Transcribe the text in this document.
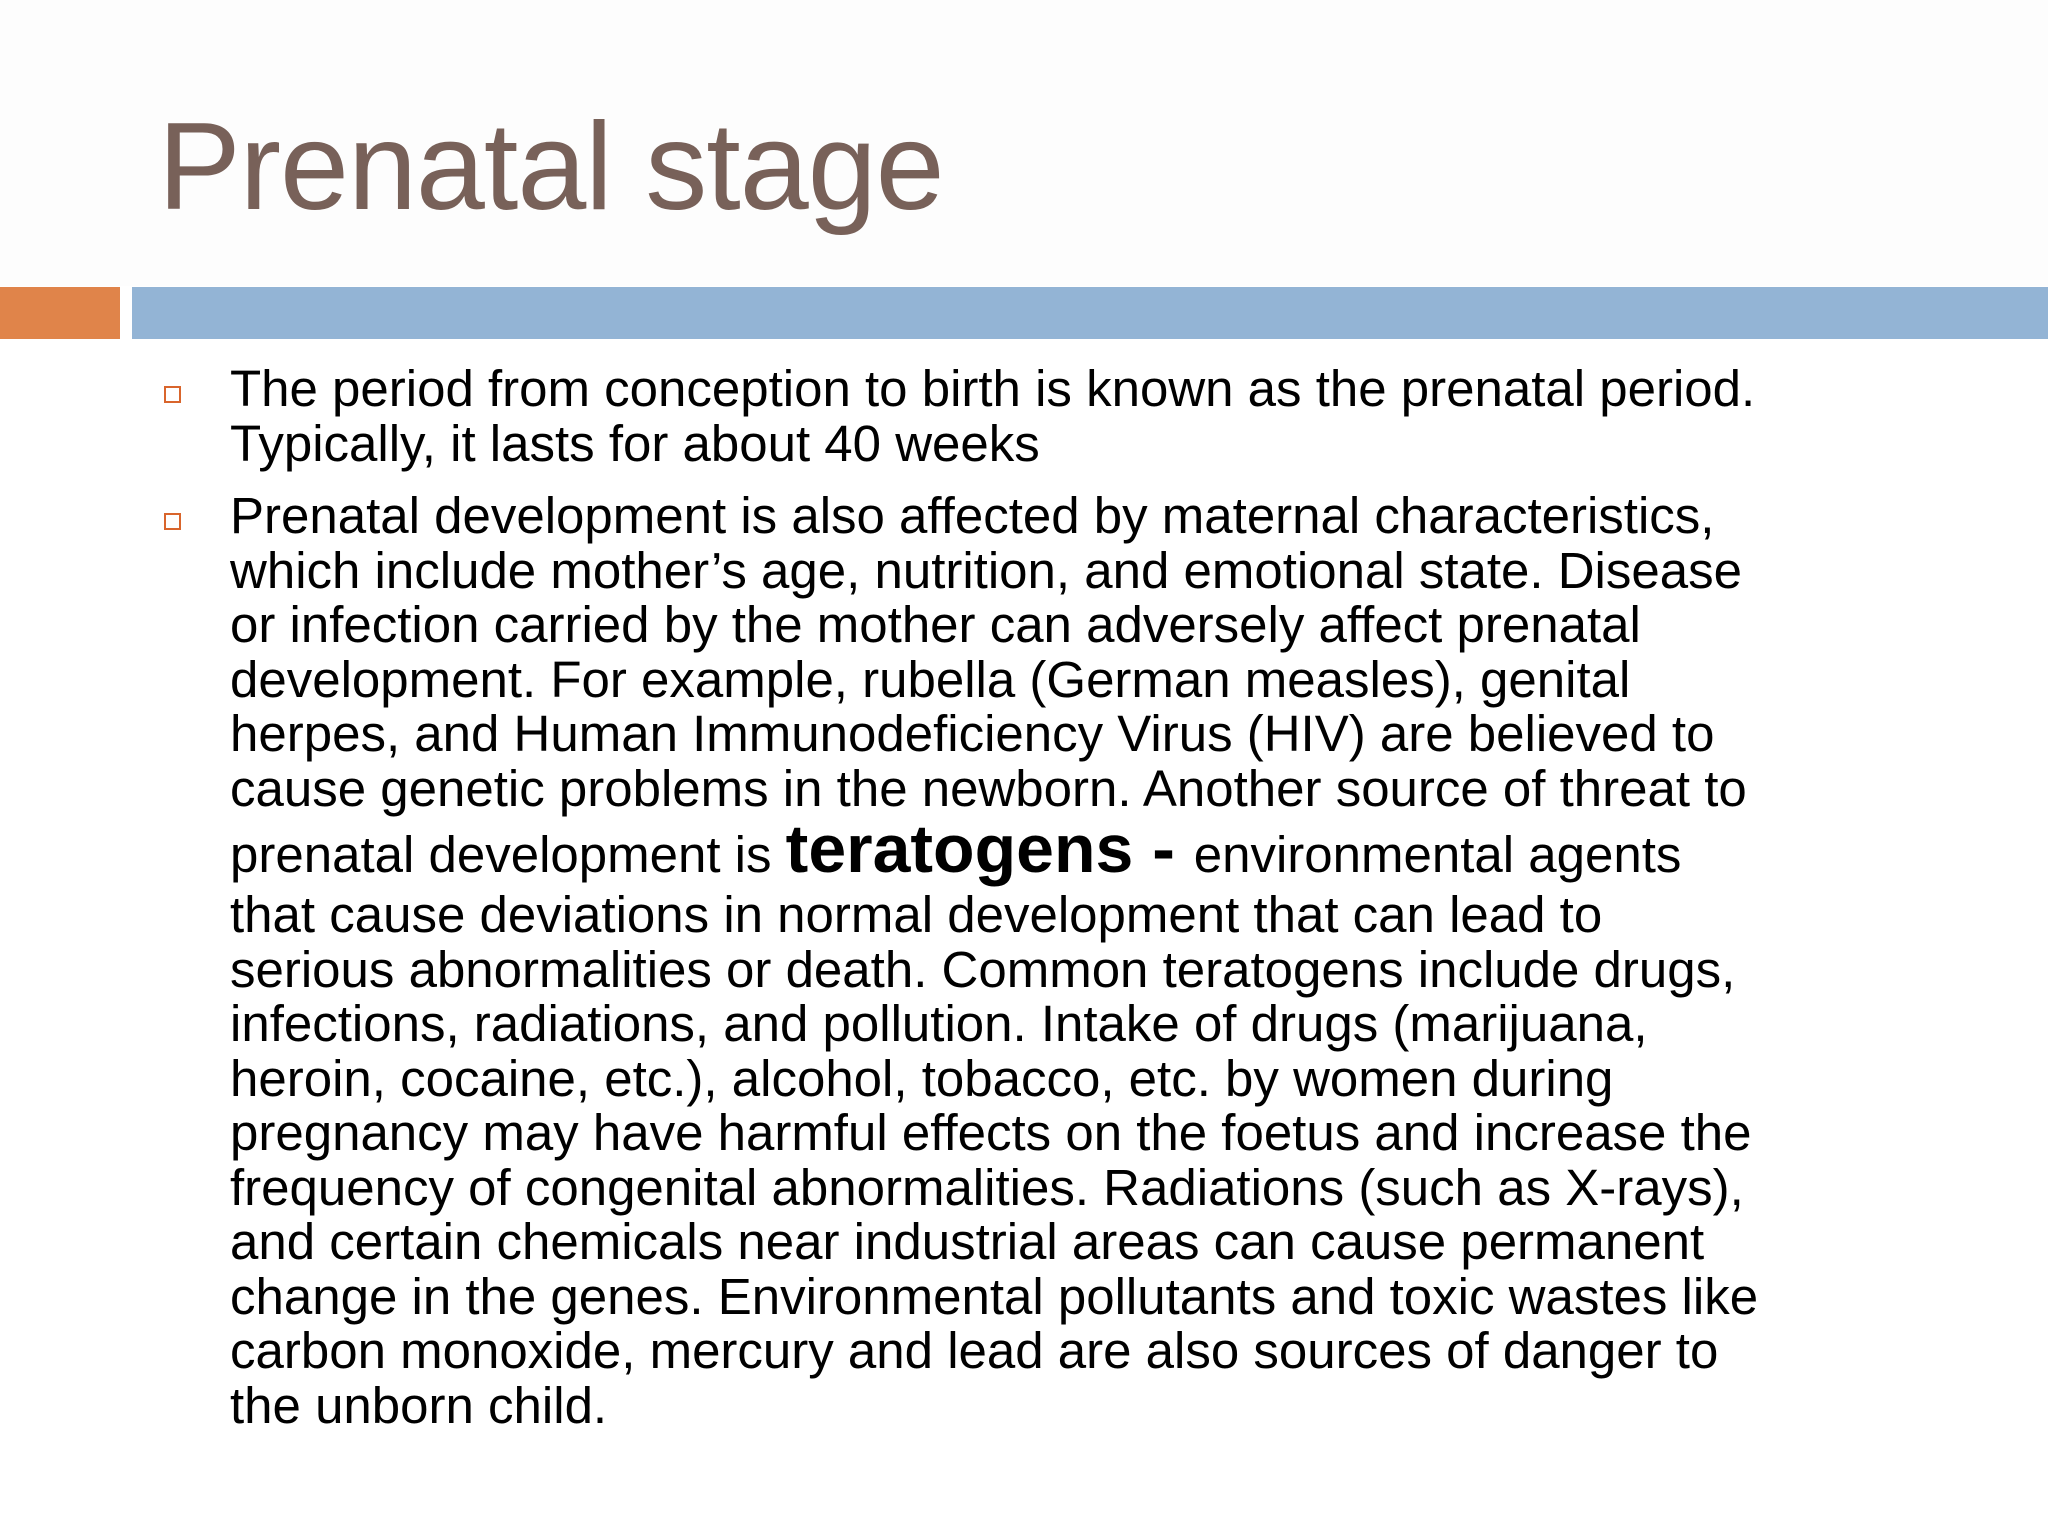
Prenatal stage
The period from conception to birth is known as the prenatal period.
Typically, it lasts for about 40 weeks
Prenatal development is also affected by maternal characteristics,
which include mother’s age, nutrition, and emotional state. Disease
or infection carried by the mother can adversely affect prenatal
development. For example, rubella (German measles), genital
herpes, and Human Immunodeficiency Virus (HIV) are believed to
cause genetic problems in the newborn. Another source of threat to
prenatal development is teratogens - environmental agents
that cause deviations in normal development that can lead to
serious abnormalities or death. Common teratogens include drugs,
infections, radiations, and pollution. Intake of drugs (marijuana,
heroin, cocaine, etc.), alcohol, tobacco, etc. by women during
pregnancy may have harmful effects on the foetus and increase the
frequency of congenital abnormalities. Radiations (such as X-rays),
and certain chemicals near industrial areas can cause permanent
change in the genes. Environmental pollutants and toxic wastes like
carbon monoxide, mercury and lead are also sources of danger to
the unborn child.
